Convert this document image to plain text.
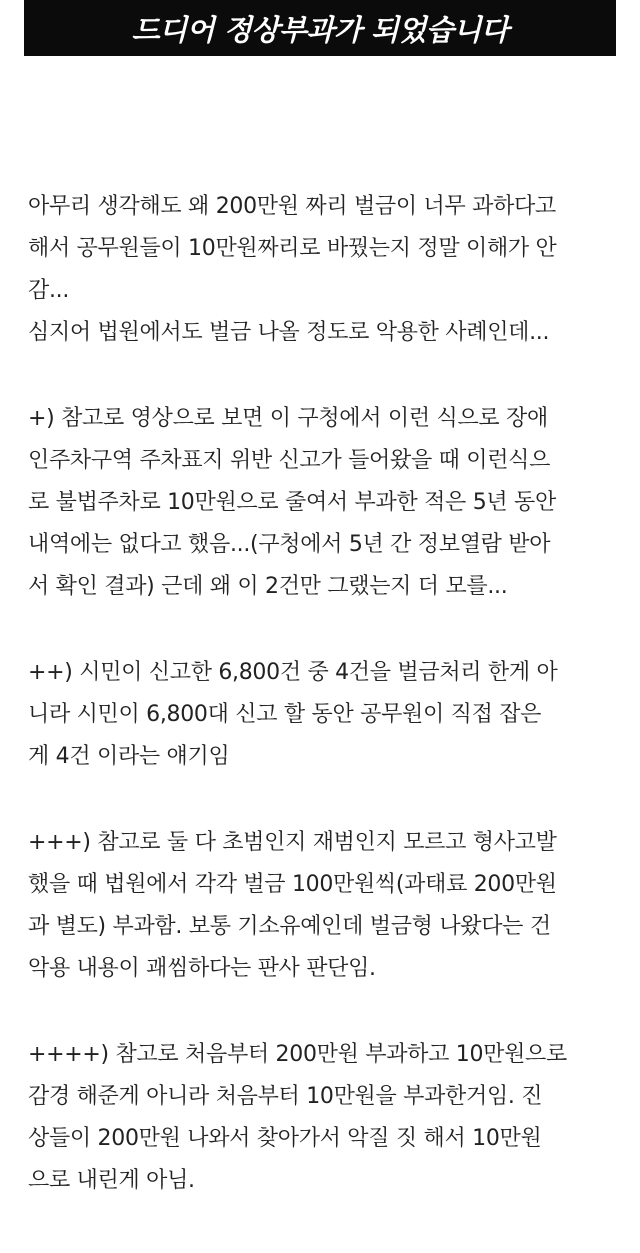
드디어 정상부과가 되었습니다
아무리 생각해도 왜 200만원 짜리 벌금이 너무 과하다고
해서 공무원들이 10만원짜리로 바꿨는지 정말 이해가 안
감...
심지어 법원에서도 벌금 나올 정도로 악용한 사례인데...
+) 참고로 영상으로 보면 이 구청에서 이런 식으로 장애
인주차구역 주차표지 위반 신고가 들어왔을 때 이런식으
로 불법주차로 10만원으로 줄여서 부과한 적은 5년 동안
내역에는 없다고 했음...(구청에서 5년 간 정보열람 받아
서 확인 결과) 근데 왜 이 2건만 그랬는지 더 모를...
++) 시민이 신고한 6,800건 중 4건을 벌금처리 한게 아
니라 시민이 6,800대 신고 할 동안 공무원이 직접 잡은
게 4건 이라는 얘기임
+++) 참고로 둘 다 초범인지 재범인지 모르고 형사고발
했을 때 법원에서 각각 벌금 100만원씩(과태료 200만원
과 별도) 부과함. 보통 기소유예인데 벌금형 나왔다는 건
악용 내용이 괘씸하다는 판사 판단임.
++++) 참고로 처음부터 200만원 부과하고 10만원으로
감경 해준게 아니라 처음부터 10만원을 부과한거임. 진
상들이 200만원 나와서 찾아가서 악질 짓 해서 10만원
으로 내린게 아님.
